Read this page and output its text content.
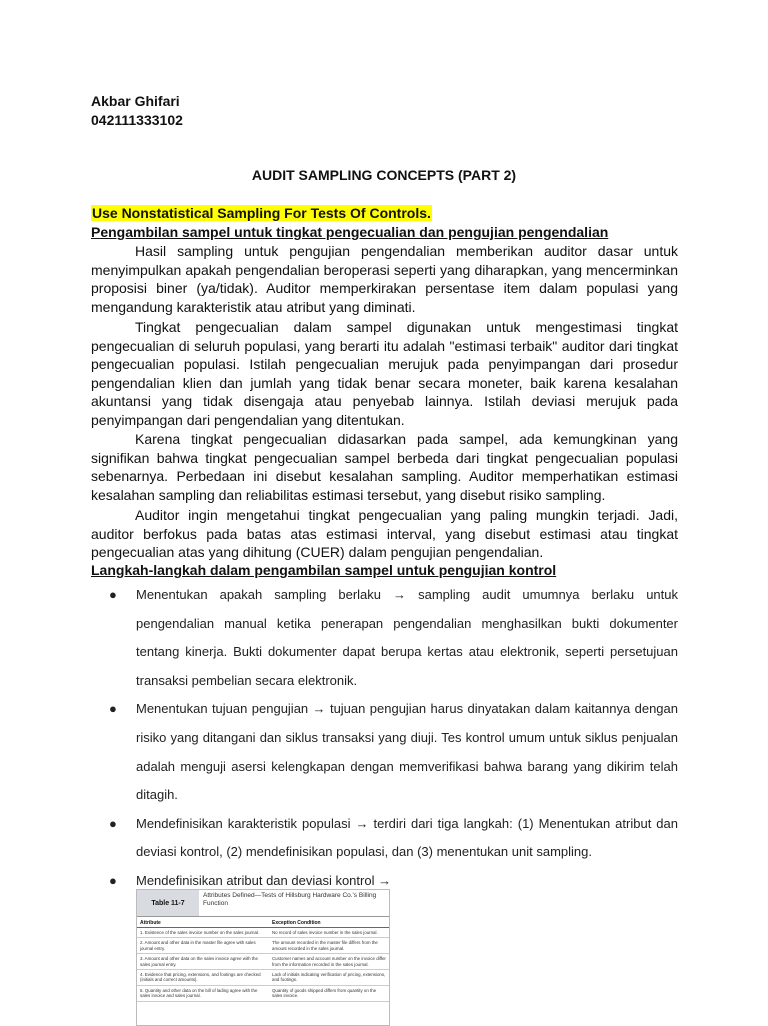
Akbar Ghifari
042111333102
AUDIT SAMPLING CONCEPTS (PART 2)
Use Nonstatistical Sampling For Tests Of Controls.
Pengambilan sampel untuk tingkat pengecualian dan pengujian pengendalian

Hasil sampling untuk pengujian pengendalian memberikan auditor dasar untuk menyimpulkan apakah pengendalian beroperasi seperti yang diharapkan, yang mencerminkan proposisi biner (ya/tidak). Auditor memperkirakan persentase item dalam populasi yang mengandung karakteristik atau atribut yang diminati.

Tingkat pengecualian dalam sampel digunakan untuk mengestimasi tingkat pengecualian di seluruh populasi, yang berarti itu adalah "estimasi terbaik" auditor dari tingkat pengecualian populasi. Istilah pengecualian merujuk pada penyimpangan dari prosedur pengendalian klien dan jumlah yang tidak benar secara moneter, baik karena kesalahan akuntansi yang tidak disengaja atau penyebab lainnya. Istilah deviasi merujuk pada penyimpangan dari pengendalian yang ditentukan.

Karena tingkat pengecualian didasarkan pada sampel, ada kemungkinan yang signifikan bahwa tingkat pengecualian sampel berbeda dari tingkat pengecualian populasi sebenarnya. Perbedaan ini disebut kesalahan sampling. Auditor memperhatikan estimasi kesalahan sampling dan reliabilitas estimasi tersebut, yang disebut risiko sampling.

Auditor ingin mengetahui tingkat pengecualian yang paling mungkin terjadi. Jadi, auditor berfokus pada batas atas estimasi interval, yang disebut estimasi atau tingkat pengecualian atas yang dihitung (CUER) dalam pengujian pengendalian.

Langkah-langkah dalam pengambilan sampel untuk pengujian kontrol
● Menentukan apakah sampling berlaku → sampling audit umumnya berlaku untuk pengendalian manual ketika penerapan pengendalian menghasilkan bukti dokumenter tentang kinerja. Bukti dokumenter dapat berupa kertas atau elektronik, seperti persetujuan transaksi pembelian secara elektronik.
● Menentukan tujuan pengujian → tujuan pengujian harus dinyatakan dalam kaitannya dengan risiko yang ditangani dan siklus transaksi yang diuji. Tes kontrol umum untuk siklus penjualan adalah menguji asersi kelengkapan dengan memverifikasi bahwa barang yang dikirim telah ditagih.
● Mendefinisikan karakteristik populasi → terdiri dari tiga langkah: (1) Menentukan atribut dan deviasi kontrol, (2) mendefinisikan populasi, dan (3) menentukan unit sampling.
● Mendefinisikan atribut dan deviasi kontrol →
Table 11-7
Attributes Defined—Tests of Hillsburg Hardware Co.'s Billing Function
Attribute	Exception Condition
1. Existence of the sales invoice number on the sales journal.	No record of sales invoice number in the sales journal.
2. Amount and other data in the master file agree with sales journal entry.
The amount recorded in the master file differs from the amount recorded in the sales journal.
3. Amount and other data on the sales invoice agree with the sales journal entry.
Customer names and account number on the invoice differ from the information recorded in the sales journal.
4. Evidence that pricing, extensions, and footings are checked (initials and correct amounts).
Lack of initials indicating verification of pricing, extensions, and footings.
5. Quantity and other data on the bill of lading agree with the sales invoice and sales journal.
Quantity of goods shipped differs from quantity on the sales invoice.
